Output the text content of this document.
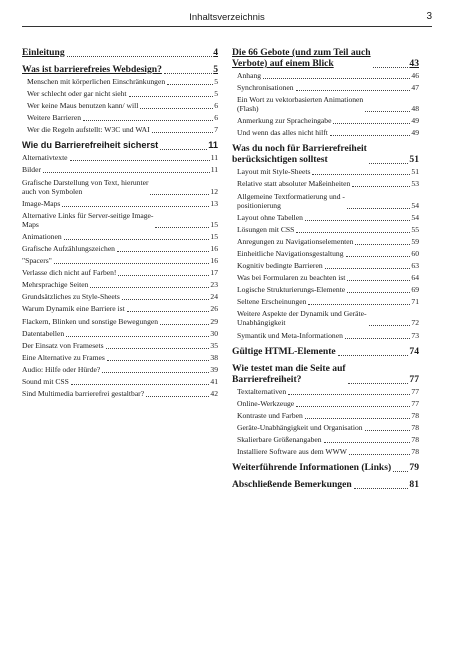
Inhaltsverzeichnis	3
Einleitung	4
Was ist barrierefreies Webdesign?	5
Menschen mit körperlichen Einschränkungen	5
Wer schlecht oder gar nicht sieht	5
Wer keine Maus benutzen kann/ will	6
Weitere Barrieren	6
Wer die Regeln aufstellt: W3C und WAI	7
Wie du Barrierefreiheit sicherst	11
Alternativtexte	11
Bilder	11
Grafische Darstellung von Text, hierunter
auch von Symbolen	12
Image-Maps	13
Alternative Links für Server-seitige Image-
Maps	15
Animationen	15
Grafische Aufzählungszeichen	16
"Spacers"	16
Verlasse dich nicht auf Farben!	17
Mehrsprachige Seiten	23
Grundsätzliches zu Style-Sheets	24
Warum Dynamik eine Barriere ist	26
Flackern, Blinken und sonstige Bewegungen	29
Datentabellen	30
Der Einsatz von Framesets	35
Eine Alternative zu Frames	38
Audio: Hilfe oder Hürde?	39
Sound mit CSS	41
Sind Multimedia barrierefrei gestaltbar?	42
Die 66 Gebote (und zum Teil auch
Verbote) auf einem Blick	43
Anhang	46
Synchronisationen	47
Ein Wort zu vektorbasierten Animationen
(Flash)	48
Anmerkung zur Spracheingabe	49
Und wenn das alles nicht hilft	49
Was du noch für Barrierefreiheit
berücksichtigen solltest	51
Layout mit Style-Sheets	51
Relative statt absoluter Maßeinheiten	53
Allgemeine Textformatierung und -
positionierung	54
Layout ohne Tabellen	54
Lösungen mit CSS	55
Anregungen zu Navigationselementen	59
Einheitliche Navigationsgestaltung	60
Kognitiv bedingte Barrieren	63
Was bei Formularen zu beachten ist	64
Logische Strukturierungs-Elemente	69
Seltene Erscheinungen	71
Weitere Aspekte der Dynamik und Geräte-
Unabhängigkeit	72
Symantik und Meta-Informationen	73
Gültige HTML-Elemente	74
Wie testet man die Seite auf
Barrierefreiheit?	77
Textalternativen	77
Online-Werkzeuge	77
Kontraste und Farben	78
Geräte-Unabhängigkeit und Organisation	78
Skalierbare Größenangaben	78
Installiere Software aus dem WWW	78
Weiterführende Informationen (Links) 79
Abschließende Bemerkungen	81
